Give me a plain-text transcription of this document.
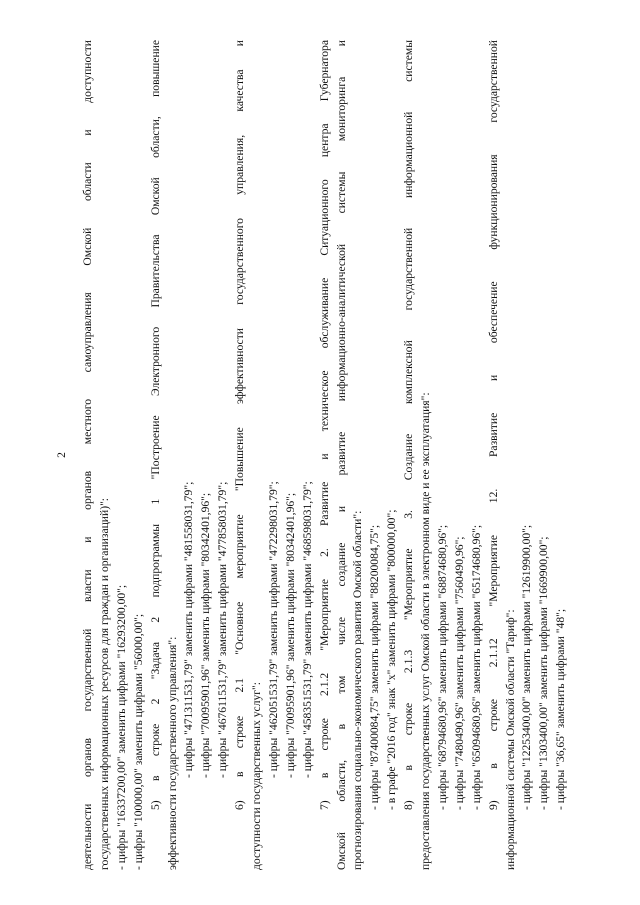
2 деятельности органов государственной власти и органов местного самоуправления Омской области и доступности государственных информационных ресурсов для граждан и организаций)": - цифры "16337200,00" заменить цифрами "16293200,00"; - цифры "100000,00" заменить цифрами "56000,00"; 5) в строке 2 "Задача 2 подпрограммы 1 "Построение Электронного Правительства Омской области, повышение эффективности государственного управления": - цифры "471311531,79" заменить цифрами "481558031,79"; - цифры "70095901,96" заменить цифрами "80342401,96"; - цифры "467611531,79" заменить цифрами "477858031,79"; 6) в строке 2.1 "Основное мероприятие "Повышение эффективности государственного управления, качества и доступности государственных услуг": - цифры "462051531,79" заменить цифрами "472298031,79"; - цифры "70095901,96" заменить цифрами "80342401,96"; - цифры "458351531,79" заменить цифрами "468598031,79"; 7) в строке 2.1.2 "Мероприятие 2. Развитие и техническое обслуживание Ситуационного центра Губернатора Омской области, в том числе создание и развитие информационно-аналитической системы мониторинга и прогнозирования социально-экономического развития Омской области": - цифры "87400084,75" заменить цифрами "88200084,75"; - в графе "2016 год" знак "х" заменить цифрами "800000,00"; 8) в строке 2.1.3 "Мероприятие 3. Создание комплексной государственной информационной системы предоставления государственных услуг Омской области в электронном виде и ее эксплуатация": - цифры "68794680,96" заменить цифрами "68874680,96"; - цифры "7480490,96" заменить цифрами "7560490,96"; - цифры "65094680,96" заменить цифрами "65174680,96"; 9) в строке 2.1.12 "Мероприятие 12. Развитие и обеспечение функционирования государственной информационной системы Омской области "Тариф": - цифры "12253400,00" заменить цифрами "12619900,00"; - цифры "1303400,00" заменить цифрами "1669900,00"; - цифры "36,65" заменить цифрами "48";
